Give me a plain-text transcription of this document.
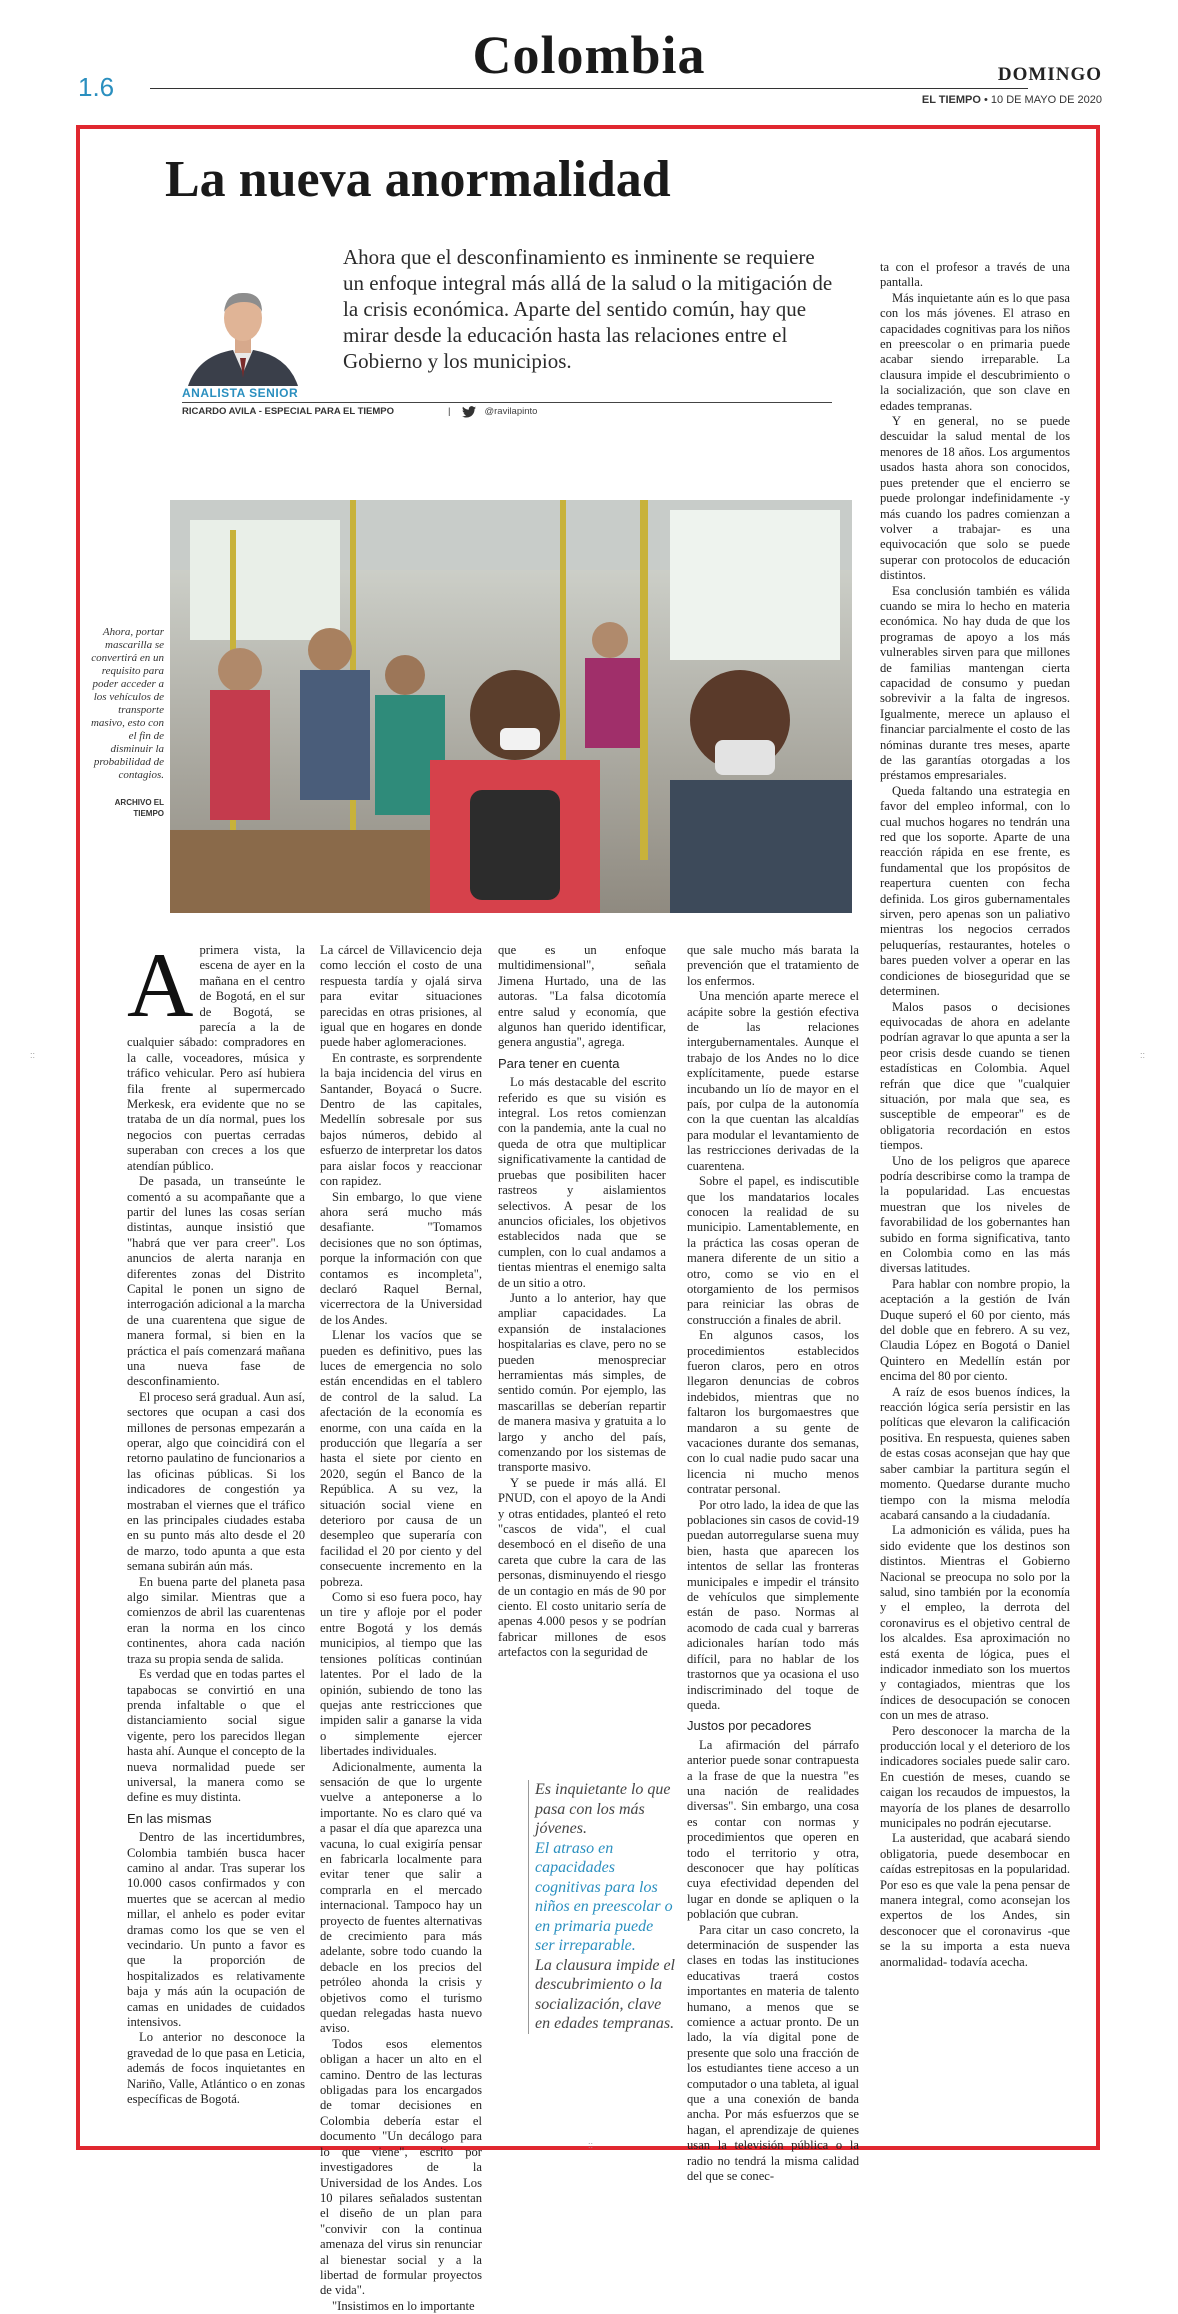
1.6
Colombia	DOMINGO
EL TIEMPO • 10 DE MAYO DE 2020
La nueva anormalidad
ANALISTA SENIOR
RICARDO AVILA - ESPECIAL PARA EL TIEMPO	|	@ravilapinto

Ahora que el desconfinamiento es inminente se requiere un enfoque integral más allá de la salud o la mitigación de la crisis económica. Aparte del sentido común, hay que mirar desde la educación hasta las relaciones entre el Gobierno y los municipios.

Ahora, portar mascarilla se convertirá en un requisito para poder acceder a los vehículos de transporte masivo, esto con el fin de disminuir la probabilidad de contagios.

ARCHIVO EL TIEMPO

Aprimera vista, la escena de ayer en la mañana en el centro de Bogotá, en el sur de Bogotá, se parecía a la de cualquier sábado: compradores en la calle, voceadores, música y tráfico vehicular. Pero así hubiera fila frente al supermercado Merkesk, era evidente que no se trataba de un día normal, pues los negocios con puertas cerradas superaban con creces a los que atendían público.

De pasada, un transeúnte le comentó a su acompañante que a partir del lunes las cosas serían distintas, aunque insistió que "habrá que ver para creer". Los anuncios de alerta naranja en diferentes zonas del Distrito Capital le ponen un signo de interrogación adicional a la marcha de una cuarentena que sigue de manera formal, si bien en la práctica el país comenzará mañana una nueva fase de desconfinamiento.

El proceso será gradual. Aun así, sectores que ocupan a casi dos millones de personas empezarán a operar, algo que coincidirá con el retorno paulatino de funcionarios a las oficinas públicas. Si los indicadores de congestión ya mostraban el viernes que el tráfico en las principales ciudades estaba en su punto más alto desde el 20 de marzo, todo apunta a que esta semana subirán aún más.

En buena parte del planeta pasa algo similar. Mientras que a comienzos de abril las cuarentenas eran la norma en los cinco continentes, ahora cada nación traza su propia senda de salida.

Es verdad que en todas partes el tapabocas se convirtió en una prenda infaltable o que el distanciamiento social sigue vigente, pero los parecidos llegan hasta ahí. Aunque el concepto de la nueva normalidad puede ser universal, la manera como se define es muy distinta.

En las mismas

Dentro de las incertidumbres, Colombia también busca hacer camino al andar. Tras superar los 10.000 casos confirmados y con muertes que se acercan al medio millar, el anhelo es poder evitar dramas como los que se ven el vecindario. Un punto a favor es que la proporción de hospitalizados es relativamente baja y más aún la ocupación de camas en unidades de cuidados intensivos.

Lo anterior no desconoce la gravedad de lo que pasa en Leticia, además de focos inquietantes en Nariño, Valle, Atlántico o en zonas específicas de Bogotá.

La cárcel de Villavicencio deja como lección el costo de una respuesta tardía y ojalá sirva para evitar situaciones parecidas en otras prisiones, al igual que en hogares en donde puede haber aglomeraciones.

En contraste, es sorprendente la baja incidencia del virus en Santander, Boyacá o Sucre. Dentro de las capitales, Medellín sobresale por sus bajos números, debido al esfuerzo de interpretar los datos para aislar focos y reaccionar con rapidez.

Sin embargo, lo que viene ahora será mucho más desafiante. "Tomamos decisiones que no son óptimas, porque la información con que contamos es incompleta", declaró Raquel Bernal, vicerrectora de la Universidad de los Andes.

Llenar los vacíos que se pueden es definitivo, pues las luces de emergencia no solo están encendidas en el tablero de control de la salud. La afectación de la economía es enorme, con una caída en la producción que llegaría a ser hasta el siete por ciento en 2020, según el Banco de la República. A su vez, la situación social viene en deterioro por causa de un desempleo que superaría con facilidad el 20 por ciento y del consecuente incremento en la pobreza.

Como si eso fuera poco, hay un tire y afloje por el poder entre Bogotá y los demás municipios, al tiempo que las tensiones políticas continúan latentes. Por el lado de la opinión, subiendo de tono las quejas ante restricciones que impiden salir a ganarse la vida o simplemente ejercer libertades individuales.

Adicionalmente, aumenta la sensación de que lo urgente vuelve a anteponerse a lo importante. No es claro qué va a pasar el día que aparezca una vacuna, lo cual exigiría pensar en fabricarla localmente para evitar tener que salir a comprarla en el mercado internacional. Tampoco hay un proyecto de fuentes alternativas de crecimiento para más adelante, sobre todo cuando la debacle en los precios del petróleo ahonda la crisis y objetivos como el turismo quedan relegadas hasta nuevo aviso.

Todos esos elementos obligan a hacer un alto en el camino. Dentro de las lecturas obligadas para los encargados de tomar decisiones en Colombia debería estar el documento "Un decálogo para lo que viene", escrito por investigadores de la Universidad de los Andes. Los 10 pilares señalados sustentan el diseño de un plan para "convivir con la continua amenaza del virus sin renunciar al bienestar social y a la libertad de formular proyectos de vida".

"Insistimos en lo importante

que es un enfoque multidimensional", señala Jimena Hurtado, una de las autoras. "La falsa dicotomía entre salud y economía, que algunos han querido identificar, genera angustia", agrega.

Para tener en cuenta

Lo más destacable del escrito referido es que su visión es integral. Los retos comienzan con la pandemia, ante la cual no queda de otra que multiplicar significativamente la cantidad de pruebas que posibiliten hacer rastreos y aislamientos selectivos. A pesar de los anuncios oficiales, los objetivos establecidos nada que se cumplen, con lo cual andamos a tientas mientras el enemigo salta de un sitio a otro.

Junto a lo anterior, hay que ampliar capacidades. La expansión de instalaciones hospitalarias es clave, pero no se pueden menospreciar herramientas más simples, de sentido común. Por ejemplo, las mascarillas se deberían repartir de manera masiva y gratuita a lo largo y ancho del país, comenzando por los sistemas de transporte masivo.

Y se puede ir más allá. El PNUD, con el apoyo de la Andi y otras entidades, planteó el reto "cascos de vida", el cual desembocó en el diseño de una careta que cubre la cara de las personas, disminuyendo el riesgo de un contagio en más de 90 por ciento. El costo unitario sería de apenas 4.000 pesos y se podrían fabricar millones de esos artefactos con la seguridad de

Es inquietante lo que pasa con los más jóvenes.
El atraso en capacidades cognitivas para los niños en preescolar o en primaria puede ser irreparable.
La clausura impide el descubrimiento o la socialización, clave en edades tempranas.

que sale mucho más barata la prevención que el tratamiento de los enfermos.

Una mención aparte merece el acápite sobre la gestión efectiva de las relaciones intergubernamentales. Aunque el trabajo de los Andes no lo dice explícitamente, puede estarse incubando un lío de mayor en el país, por culpa de la autonomía con la que cuentan las alcaldías para modular el levantamiento de las restricciones derivadas de la cuarentena.

Sobre el papel, es indiscutible que los mandatarios locales conocen la realidad de su municipio. Lamentablemente, en la práctica las cosas operan de manera diferente de un sitio a otro, como se vio en el otorgamiento de los permisos para reiniciar las obras de construcción a finales de abril.

En algunos casos, los procedimientos establecidos fueron claros, pero en otros llegaron denuncias de cobros indebidos, mientras que no faltaron los burgomaestres que mandaron a su gente de vacaciones durante dos semanas, con lo cual nadie pudo sacar una licencia ni mucho menos contratar personal.

Por otro lado, la idea de que las poblaciones sin casos de covid-19 puedan autorregularse suena muy bien, hasta que aparecen los intentos de sellar las fronteras municipales e impedir el tránsito de vehículos que simplemente están de paso. Normas al acomodo de cada cual y barreras adicionales harían todo más difícil, para no hablar de los trastornos que ya ocasiona el uso indiscriminado del toque de queda.

Justos por pecadores

La afirmación del párrafo anterior puede sonar contrapuesta a la frase de que la nuestra "es una nación de realidades diversas". Sin embargo, una cosa es contar con normas y procedimientos que operen en todo el territorio y otra, desconocer que hay políticas cuya efectividad dependen del lugar en donde se apliquen o la población que cubran.

Para citar un caso concreto, la determinación de suspender las clases en todas las instituciones educativas traerá costos importantes en materia de talento humano, a menos que se comience a actuar pronto. De un lado, la vía digital pone de presente que solo una fracción de los estudiantes tiene acceso a un computador o una tableta, al igual que a una conexión de banda ancha. Por más esfuerzos que se hagan, el aprendizaje de quienes usan la televisión pública o la radio no tendrá la misma calidad del que se conec-

ta con el profesor a través de una pantalla.

Más inquietante aún es lo que pasa con los más jóvenes. El atraso en capacidades cognitivas para los niños en preescolar o en primaria puede acabar siendo irreparable. La clausura impide el descubrimiento o la socialización, que son clave en edades tempranas.

Y en general, no se puede descuidar la salud mental de los menores de 18 años. Los argumentos usados hasta ahora son conocidos, pues pretender que el encierro se puede prolongar indefinidamente -y más cuando los padres comienzan a volver a trabajar- es una equivocación que solo se puede superar con protocolos de educación distintos.

Esa conclusión también es válida cuando se mira lo hecho en materia económica. No hay duda de que los programas de apoyo a los más vulnerables sirven para que millones de familias mantengan cierta capacidad de consumo y puedan sobrevivir a la falta de ingresos. Igualmente, merece un aplauso el financiar parcialmente el costo de las nóminas durante tres meses, aparte de las garantías otorgadas a los préstamos empresariales.

Queda faltando una estrategia en favor del empleo informal, con lo cual muchos hogares no tendrán una red que los soporte. Aparte de una reacción rápida en ese frente, es fundamental que los propósitos de reapertura cuenten con fecha definida. Los giros gubernamentales sirven, pero apenas son un paliativo mientras los negocios cerrados peluquerías, restaurantes, hoteles o bares pueden volver a operar en las condiciones de bioseguridad que se determinen.

Malos pasos o decisiones equivocadas de ahora en adelante podrían agravar lo que apunta a ser la peor crisis desde cuando se tienen estadísticas en Colombia. Aquel refrán que dice que "cualquier situación, por mala que sea, es susceptible de empeorar" es de obligatoria recordación en estos tiempos.

Uno de los peligros que aparece podría describirse como la trampa de la popularidad. Las encuestas muestran que los niveles de favorabilidad de los gobernantes han subido en forma significativa, tanto en Colombia como en las más diversas latitudes.

Para hablar con nombre propio, la aceptación a la gestión de Iván Duque superó el 60 por ciento, más del doble que en febrero. A su vez, Claudia López en Bogotá o Daniel Quintero en Medellín están por encima del 80 por ciento.

A raíz de esos buenos índices, la reacción lógica sería persistir en las políticas que elevaron la calificación positiva. En respuesta, quienes saben de estas cosas aconsejan que hay que saber cambiar la partitura según el momento. Quedarse durante mucho tiempo con la misma melodía acabará cansando a la ciudadanía.

La admonición es válida, pues ha sido evidente que los destinos son distintos. Mientras el Gobierno Nacional se preocupa no solo por la salud, sino también por la economía y el empleo, la derrota del coronavirus es el objetivo central de los alcaldes. Esa aproximación no está exenta de lógica, pues el indicador inmediato son los muertos y contagiados, mientras que los índices de desocupación se conocen con un mes de atraso.

Pero desconocer la marcha de la producción local y el deterioro de los indicadores sociales puede salir caro. En cuestión de meses, cuando se caigan los recaudos de impuestos, la mayoría de los planes de desarrollo municipales no podrán ejecutarse.

La austeridad, que acabará siendo obligatoria, puede desembocar en caídas estrepitosas en la popularidad. Por eso es que vale la pena pensar de manera integral, como aconsejan los expertos de los Andes, sin desconocer que el coronavirus -que se la su importa a esta nueva anormalidad- todavía acecha.

::	::
::
